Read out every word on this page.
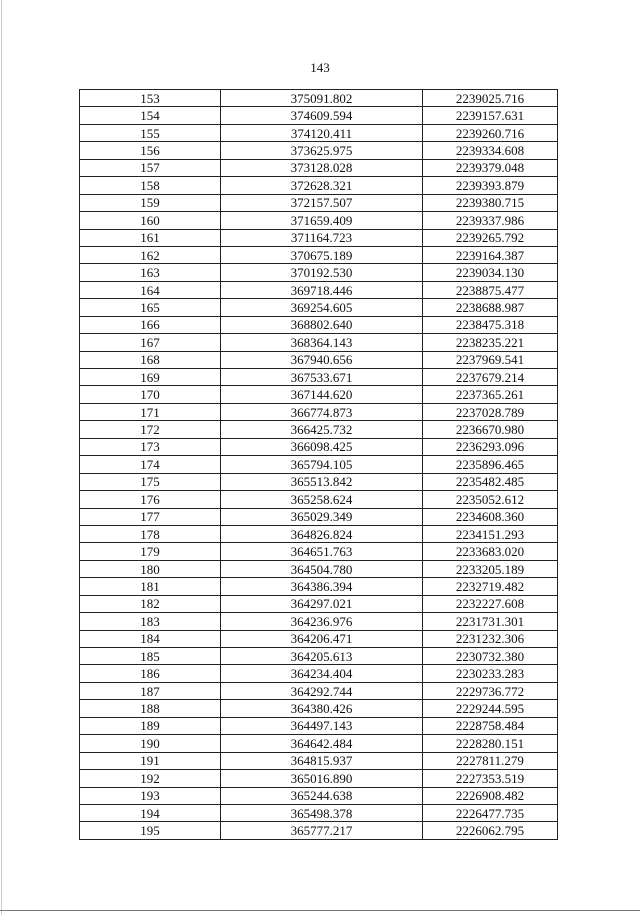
143
153	375091.802	2239025.716
154	374609.594	2239157.631
155	374120.411	2239260.716
156	373625.975	2239334.608
157	373128.028	2239379.048
158	372628.321	2239393.879
159	372157.507	2239380.715
160	371659.409	2239337.986
161	371164.723	2239265.792
162	370675.189	2239164.387
163	370192.530	2239034.130
164	369718.446	2238875.477
165	369254.605	2238688.987
166	368802.640	2238475.318
167	368364.143	2238235.221
168	367940.656	2237969.541
169	367533.671	2237679.214
170	367144.620	2237365.261
171	366774.873	2237028.789
172	366425.732	2236670.980
173	366098.425	2236293.096
174	365794.105	2235896.465
175	365513.842	2235482.485
176	365258.624	2235052.612
177	365029.349	2234608.360
178	364826.824	2234151.293
179	364651.763	2233683.020
180	364504.780	2233205.189
181	364386.394	2232719.482
182	364297.021	2232227.608
183	364236.976	2231731.301
184	364206.471	2231232.306
185	364205.613	2230732.380
186	364234.404	2230233.283
187	364292.744	2229736.772
188	364380.426	2229244.595
189	364497.143	2228758.484
190	364642.484	2228280.151
191	364815.937	2227811.279
192	365016.890	2227353.519
193	365244.638	2226908.482
194	365498.378	2226477.735
195	365777.217	2226062.795
